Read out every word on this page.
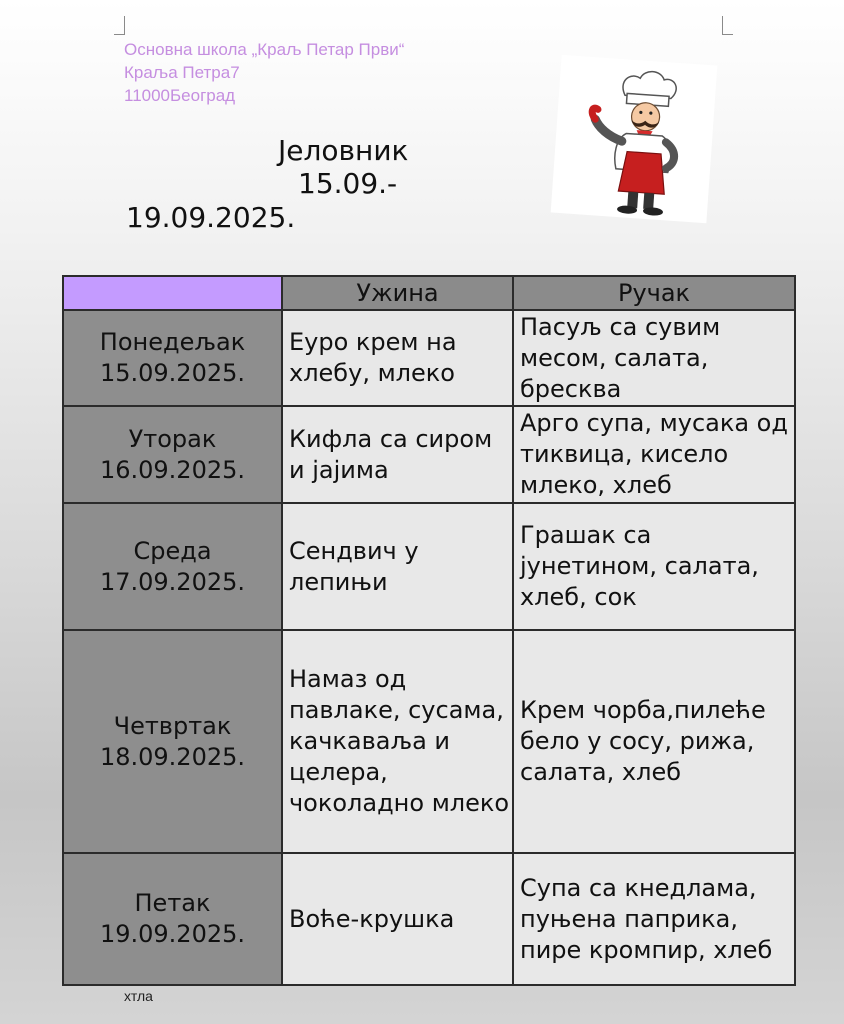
Основна школа „Краљ Петар Први“
Краља Петра7
11000Београд
Јеловник
15.09.-
19.09.2025.
	Ужина	Ручак

Понедељак
15.09.2025.	Еуро крем на хлебу, млеко	Пасуљ са сувим месом, салата, бресква

Уторак
16.09.2025.	Кифла са сиром и јајима	Арго супа, мусака од тиквица, кисело млеко, хлеб

Среда
17.09.2025.	Сендвич у лепињи	Грашак са јунетином, салата, хлеб, сок

Четвртак
18.09.2025.	Намаз од павлаке, сусама, качкаваља и целера, чоколадно млеко	Крем чорба,пилеће бело у сосу, рижа, салата, хлеб

Петак
19.09.2025.	Воће-крушка	Супа са кнедлама, пуњена паприка, пире кромпир, хлеб
хтла
